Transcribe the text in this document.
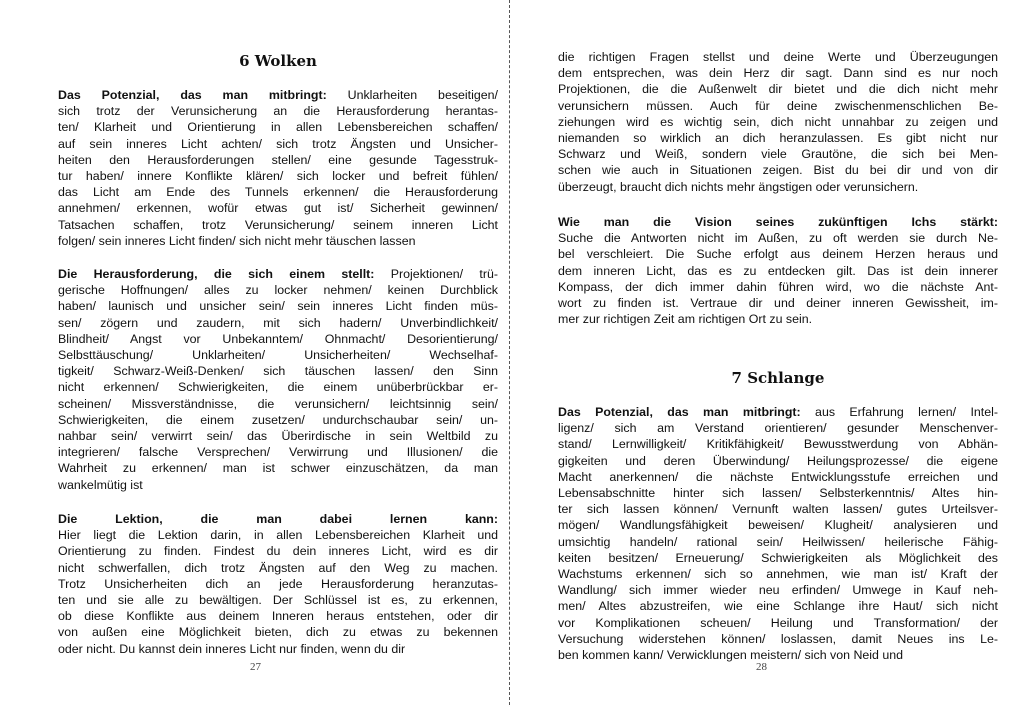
6 Wolken
Das Potenzial, das man mitbringt: Unklarheiten beseitigen/
sich trotz der Verunsicherung an die Herausforderung herantas-
ten/ Klarheit und Orientierung in allen Lebensbereichen schaffen/
auf sein inneres Licht achten/ sich trotz Ängsten und Unsicher-
heiten den Herausforderungen stellen/ eine gesunde Tagesstruk-
tur haben/ innere Konflikte klären/ sich locker und befreit fühlen/
das Licht am Ende des Tunnels erkennen/ die Herausforderung
annehmen/ erkennen, wofür etwas gut ist/ Sicherheit gewinnen/
Tatsachen schaffen, trotz Verunsicherung/ seinem inneren Licht
folgen/ sein inneres Licht finden/ sich nicht mehr täuschen lassen
Die Herausforderung, die sich einem stellt: Projektionen/ trü-
gerische Hoffnungen/ alles zu locker nehmen/ keinen Durchblick
haben/ launisch und unsicher sein/ sein inneres Licht finden müs-
sen/ zögern und zaudern, mit sich hadern/ Unverbindlichkeit/
Blindheit/ Angst vor Unbekanntem/ Ohnmacht/ Desorientierung/
Selbsttäuschung/ Unklarheiten/ Unsicherheiten/ Wechselhaf-
tigkeit/ Schwarz-Weiß-Denken/ sich täuschen lassen/ den Sinn
nicht erkennen/ Schwierigkeiten, die einem unüberbrückbar er-
scheinen/ Missverständnisse, die verunsichern/ leichtsinnig sein/
Schwierigkeiten, die einem zusetzen/ undurchschaubar sein/ un-
nahbar sein/ verwirrt sein/ das Überirdische in sein Weltbild zu
integrieren/ falsche Versprechen/ Verwirrung und Illusionen/ die
Wahrheit zu erkennen/ man ist schwer einzuschätzen, da man
wankelmütig ist
Die Lektion, die man dabei lernen kann:
Hier liegt die Lektion darin, in allen Lebensbereichen Klarheit und
Orientierung zu finden. Findest du dein inneres Licht, wird es dir
nicht schwerfallen, dich trotz Ängsten auf den Weg zu machen.
Trotz Unsicherheiten dich an jede Herausforderung heranzutas-
ten und sie alle zu bewältigen. Der Schlüssel ist es, zu erkennen,
ob diese Konflikte aus deinem Inneren heraus entstehen, oder dir
von außen eine Möglichkeit bieten, dich zu etwas zu bekennen
oder nicht. Du kannst dein inneres Licht nur finden, wenn du dir
27
die richtigen Fragen stellst und deine Werte und Überzeugungen
dem entsprechen, was dein Herz dir sagt. Dann sind es nur noch
Projektionen, die die Außenwelt dir bietet und die dich nicht mehr
verunsichern müssen. Auch für deine zwischenmenschlichen Be-
ziehungen wird es wichtig sein, dich nicht unnahbar zu zeigen und
niemanden so wirklich an dich heranzulassen. Es gibt nicht nur
Schwarz und Weiß, sondern viele Grautöne, die sich bei Men-
schen wie auch in Situationen zeigen. Bist du bei dir und von dir
überzeugt, braucht dich nichts mehr ängstigen oder verunsichern.
Wie man die Vision seines zukünftigen Ichs stärkt:
Suche die Antworten nicht im Außen, zu oft werden sie durch Ne-
bel verschleiert. Die Suche erfolgt aus deinem Herzen heraus und
dem inneren Licht, das es zu entdecken gilt. Das ist dein innerer
Kompass, der dich immer dahin führen wird, wo die nächste Ant-
wort zu finden ist. Vertraue dir und deiner inneren Gewissheit, im-
mer zur richtigen Zeit am richtigen Ort zu sein.
7 Schlange
Das Potenzial, das man mitbringt: aus Erfahrung lernen/ Intel-
ligenz/ sich am Verstand orientieren/ gesunder Menschenver-
stand/ Lernwilligkeit/ Kritikfähigkeit/ Bewusstwerdung von Abhän-
gigkeiten und deren Überwindung/ Heilungsprozesse/ die eigene
Macht anerkennen/ die nächste Entwicklungsstufe erreichen und
Lebensabschnitte hinter sich lassen/ Selbsterkenntnis/ Altes hin-
ter sich lassen können/ Vernunft walten lassen/ gutes Urteilsver-
mögen/ Wandlungsfähigkeit beweisen/ Klugheit/ analysieren und
umsichtig handeln/ rational sein/ Heilwissen/ heilerische Fähig-
keiten besitzen/ Erneuerung/ Schwierigkeiten als Möglichkeit des
Wachstums erkennen/ sich so annehmen, wie man ist/ Kraft der
Wandlung/ sich immer wieder neu erfinden/ Umwege in Kauf neh-
men/ Altes abzustreifen, wie eine Schlange ihre Haut/ sich nicht
vor Komplikationen scheuen/ Heilung und Transformation/ der
Versuchung widerstehen können/ loslassen, damit Neues ins Le-
ben kommen kann/ Verwicklungen meistern/ sich von Neid und
28
